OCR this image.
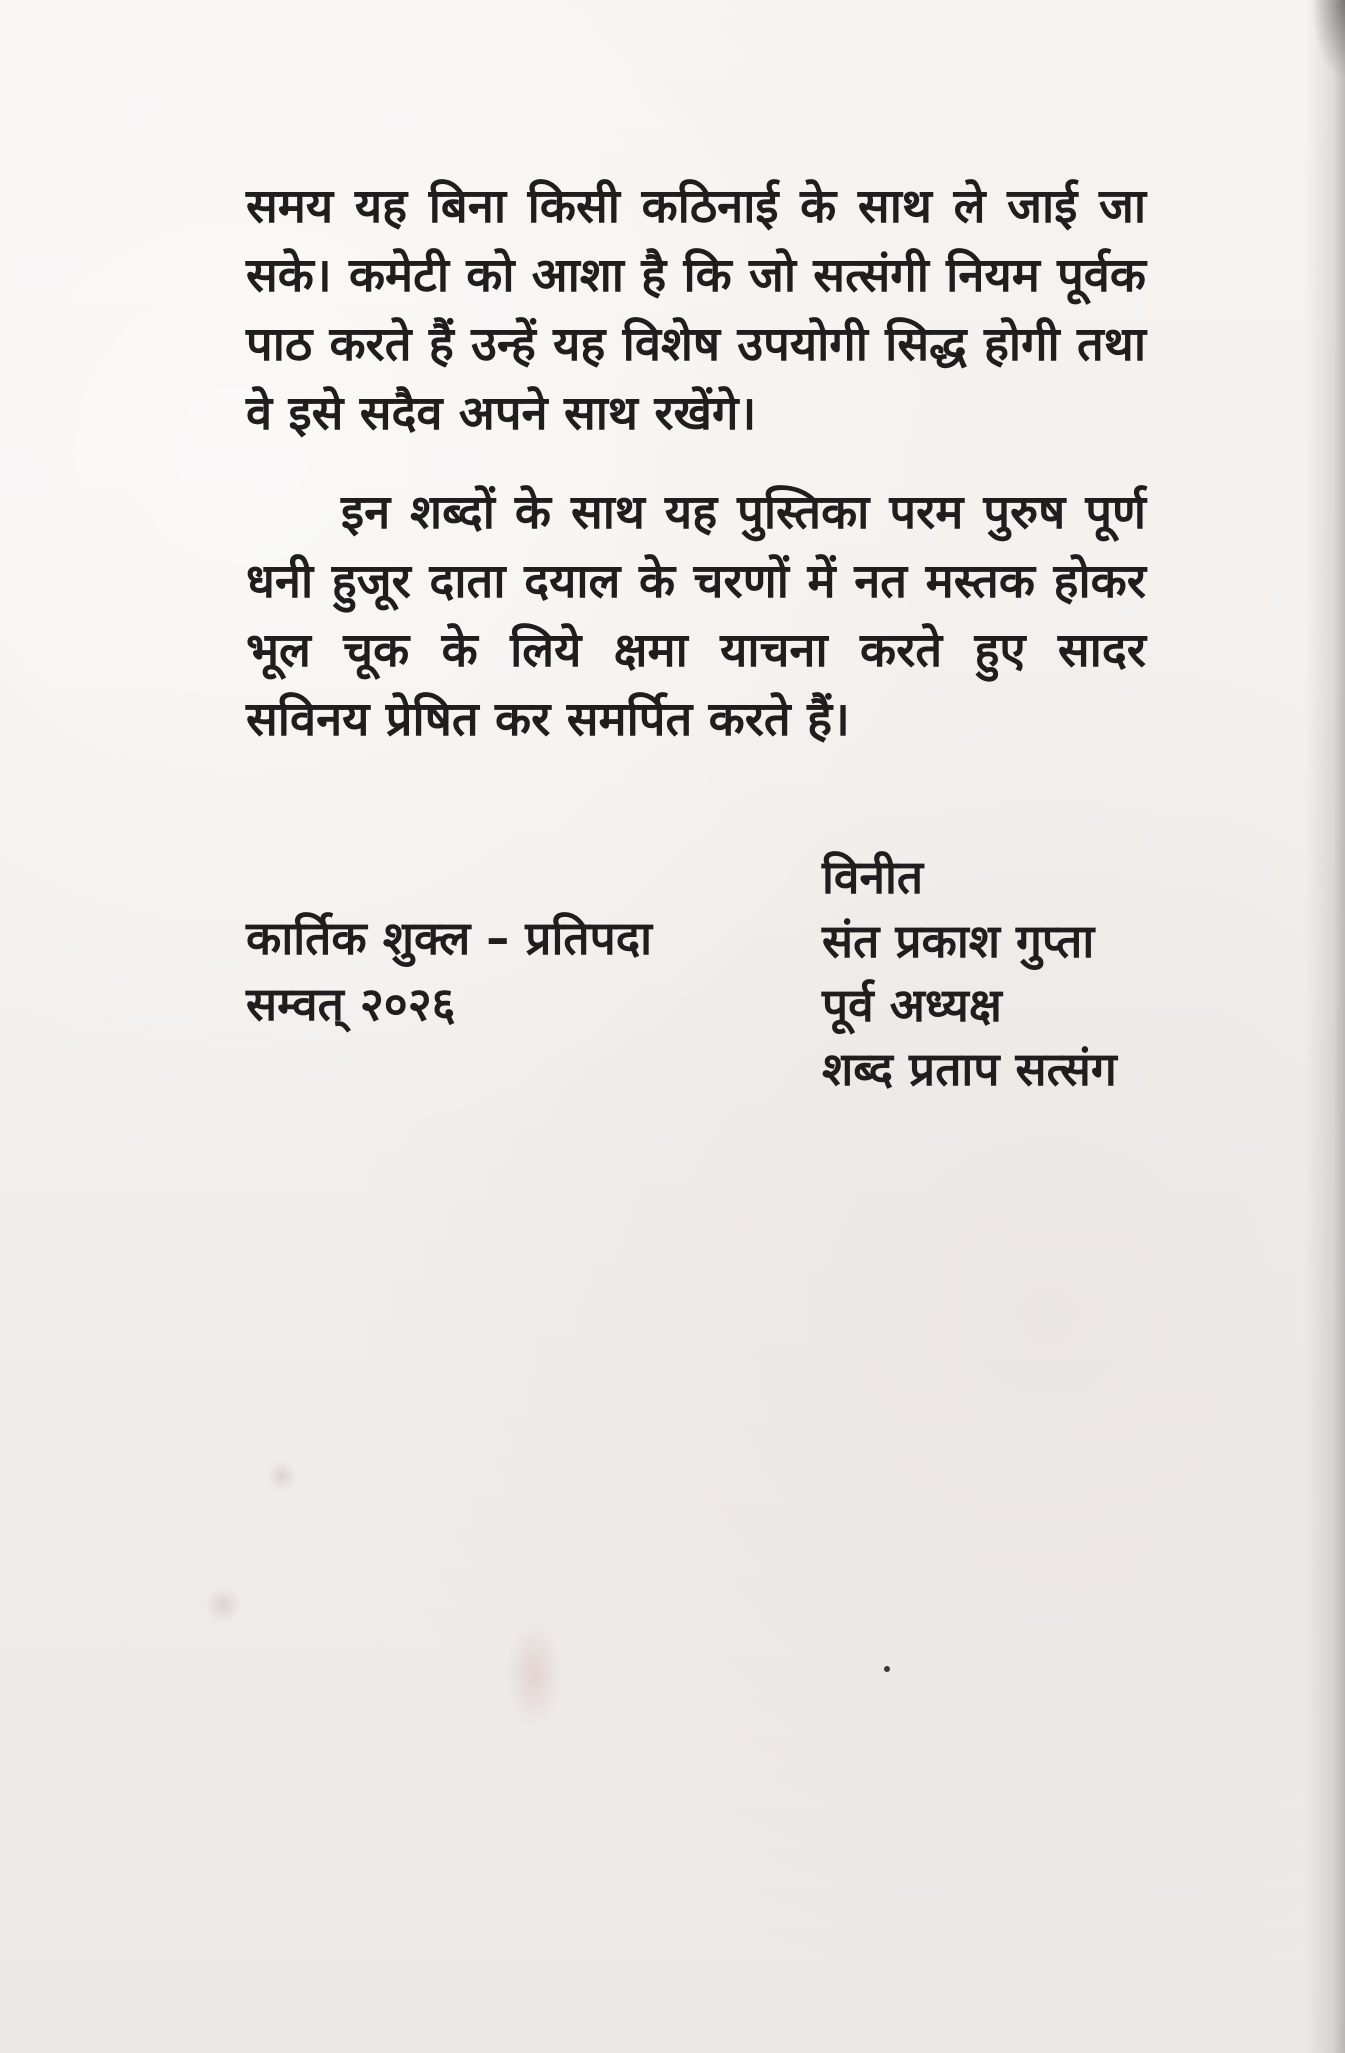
समय यह बिना किसी कठिनाई के साथ ले जाई जा सके। कमेटी को आशा है कि जो सत्संगी नियम पूर्वक पाठ करते हैं उन्हें यह विशेष उपयोगी सिद्ध होगी तथा वे इसे सदैव अपने साथ रखेंगे।

इन शब्दों के साथ यह पुस्तिका परम पुरुष पूर्ण धनी हुजूर दाता दयाल के चरणों में नत मस्तक होकर भूल चूक के लिये क्षमा याचना करते हुए सादर सविनय प्रेषित कर समर्पित करते हैं।

कार्तिक शुक्ल – प्रतिपदा
सम्वत् २०२६
विनीत
संत प्रकाश गुप्ता
पूर्व अध्यक्ष
शब्द प्रताप सत्संग
